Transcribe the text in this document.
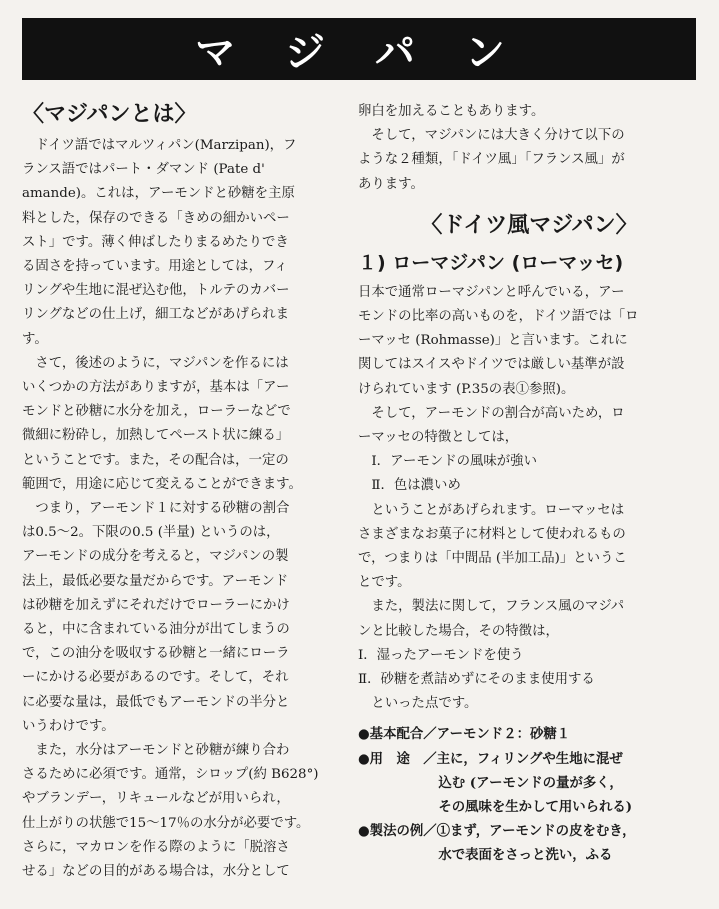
マ ジ パ ン
〈マジパンとは〉
　ドイツ語ではマルツィパン(Marzipan)，フ
ランス語ではパート・ダマンド (Pate d'
amande)。これは，アーモンドと砂糖を主原
料とした，保存のできる「きめの細かいペー
スト」です。薄く伸ばしたりまるめたりでき
る固さを持っています。用途としては，フィ
リングや生地に混ぜ込む他，トルテのカバー
リングなどの仕上げ，細工などがあげられま
す。
　さて，後述のように，マジパンを作るには
いくつかの方法がありますが，基本は「アー
モンドと砂糖に水分を加え，ローラーなどで
微細に粉砕し，加熱してペースト状に練る」
ということです。また，その配合は，一定の
範囲で，用途に応じて変えることができます。
　つまり，アーモンド１に対する砂糖の割合
は0.5〜2。下限の0.5 (半量) というのは，
アーモンドの成分を考えると，マジパンの製
法上，最低必要な量だからです。アーモンド
は砂糖を加えずにそれだけでローラーにかけ
ると，中に含まれている油分が出てしまうの
で，この油分を吸収する砂糖と一緒にローラ
ーにかける必要があるのです。そして，それ
に必要な量は，最低でもアーモンドの半分と
いうわけです。
　また，水分はアーモンドと砂糖が練り合わ
さるために必須です。通常，シロップ(約 B628°)
やブランデー，リキュールなどが用いられ，
仕上がりの状態で15〜17％の水分が必要です。
さらに，マカロンを作る際のように「脱溶さ
せる」などの目的がある場合は，水分として
卵白を加えることもあります。
　そして，マジパンには大きく分けて以下の
ような２種類，「ドイツ風」「フランス風」が
あります。
〈ドイツ風マジパン〉
１) ローマジパン (ローマッセ)
日本で通常ローマジパンと呼んでいる，アー
モンドの比率の高いものを，ドイツ語では「ロ
ーマッセ (Rohmasse)」と言います。これに
関してはスイスやドイツでは厳しい基準が設
けられています (P.35の表①参照)。
　そして，アーモンドの割合が高いため，ロ
ーマッセの特徴としては，
　Ⅰ．アーモンドの風味が強い
　Ⅱ．色は濃いめ
　ということがあげられます。ローマッセは
さまざまなお菓子に材料として使われるもの
で，つまりは「中間品 (半加工品)」というこ
とです。
　また，製法に関して，フランス風のマジパ
ンと比較した場合，その特徴は，
Ⅰ．湿ったアーモンドを使う
Ⅱ．砂糖を煮詰めずにそのまま使用する
　といった点です。
●基本配合／アーモンド２：砂糖１
●用　途　／主に，フィリングや生地に混ぜ
　　　　　　込む (アーモンドの量が多く，
　　　　　　その風味を生かして用いられる)
●製法の例／①まず，アーモンドの皮をむき，
　　　　　　水で表面をさっと洗い，ふる
